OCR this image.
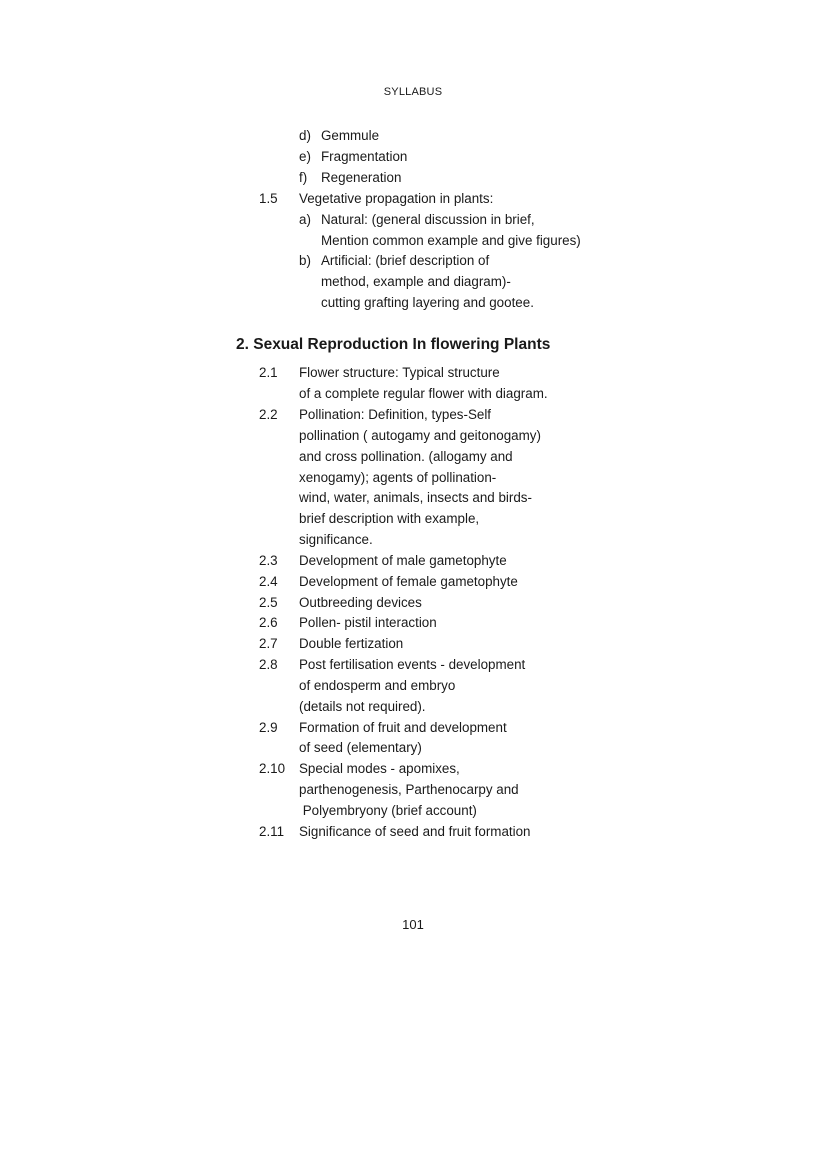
SYLLABUS
d) Gemmule
e) Fragmentation
f) Regeneration
1.5 Vegetative propagation in plants:
a) Natural: (general discussion in brief,
Mention common example and give figures)
b) Artificial: (brief description of
method, example and diagram)-
cutting grafting layering and gootee.
2. Sexual Reproduction In flowering Plants
2.1 Flower structure: Typical structure
of a complete regular flower with diagram.
2.2 Pollination: Definition, types-Self
pollination ( autogamy and geitonogamy)
and cross pollination. (allogamy and
xenogamy); agents of pollination-
wind, water, animals, insects and birds-
brief description with example,
significance.
2.3 Development of male gametophyte
2.4 Development of female gametophyte
2.5 Outbreeding devices
2.6 Pollen- pistil interaction
2.7 Double fertization
2.8 Post fertilisation events - development
of endosperm and embryo
(details not required).
2.9 Formation of fruit and development
of seed (elementary)
2.10 Special modes - apomixes,
parthenogenesis, Parthenocarpy and
Polyembryony (brief account)
2.11 Significance of seed and fruit formation
101
